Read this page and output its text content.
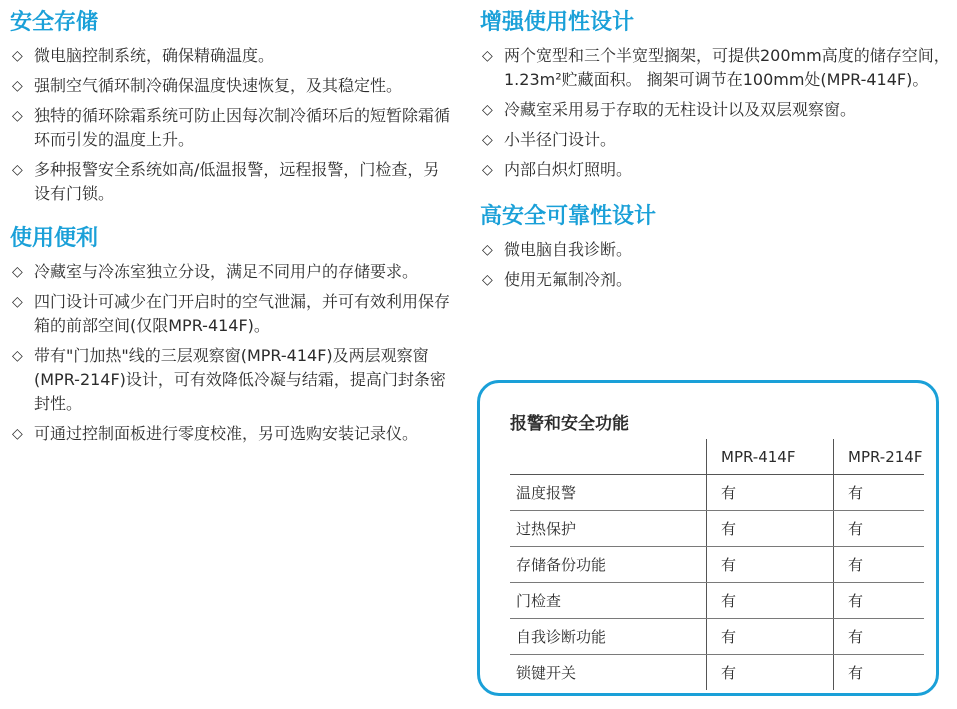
安全存储
◇ 微电脑控制系统，确保精确温度。
◇ 强制空气循环制冷确保温度快速恢复，及其稳定性。
◇ 独特的循环除霜系统可防止因每次制冷循环后的短暂除霜循环而引发的温度上升。
◇ 多种报警安全系统如高/低温报警，远程报警，门检查，另设有门锁。
使用便利
◇ 冷藏室与冷冻室独立分设，满足不同用户的存储要求。
◇ 四门设计可减少在门开启时的空气泄漏，并可有效利用保存箱的前部空间(仅限MPR-414F)。
◇ 带有"门加热"线的三层观察窗(MPR-414F)及两层观察窗(MPR-214F)设计，可有效降低冷凝与结霜，提高门封条密封性。
◇ 可通过控制面板进行零度校准，另可选购安装记录仪。
增强使用性设计
◇ 两个宽型和三个半宽型搁架，可提供200mm高度的储存空间，1.23m²贮藏面积。 搁架可调节在100mm处(MPR-414F)。
◇ 冷藏室采用易于存取的无柱设计以及双层观察窗。
◇ 小半径门设计。
◇ 内部白炽灯照明。
高安全可靠性设计
◇ 微电脑自我诊断。
◇ 使用无氟制冷剂。
报警和安全功能
	MPR-414F	MPR-214F
温度报警	有	有
过热保护	有	有
存储备份功能	有	有
门检查	有	有
自我诊断功能	有	有
锁键开关	有	有
